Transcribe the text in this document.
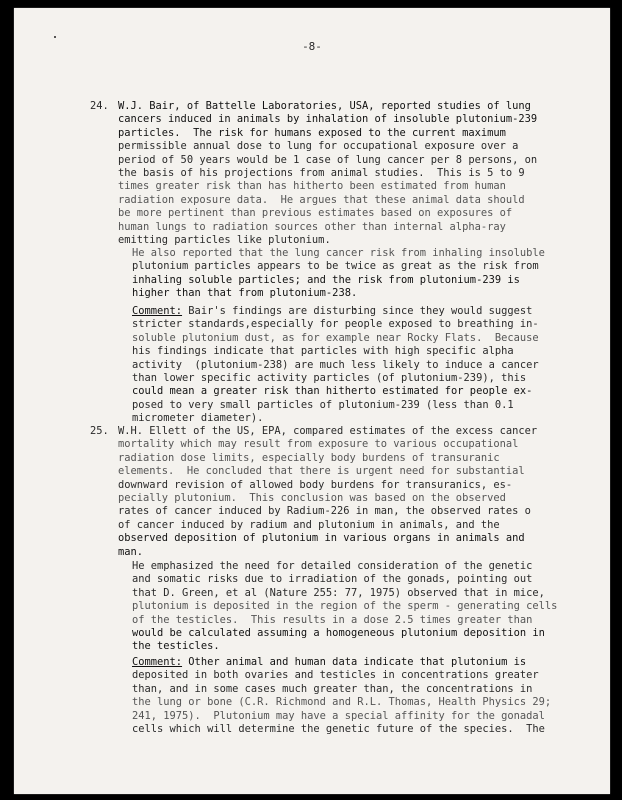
-8-
24. W.J. Bair, of Battelle Laboratories, USA, reported studies of lung
cancers induced in animals by inhalation of insoluble plutonium-239
particles.  The risk for humans exposed to the current maximum
permissible annual dose to lung for occupational exposure over a
period of 50 years would be 1 case of lung cancer per 8 persons, on
the basis of his projections from animal studies.  This is 5 to 9
times greater risk than has hitherto been estimated from human
radiation exposure data.  He argues that these animal data should
be more pertinent than previous estimates based on exposures of
human lungs to radiation sources other than internal alpha-ray
emitting particles like plutonium.
He also reported that the lung cancer risk from inhaling insoluble
plutonium particles appears to be twice as great as the risk from
inhaling soluble particles; and the risk from plutonium-239 is
higher than that from plutonium-238.
Comment: Bair's findings are disturbing since they would suggest
stricter standards,especially for people exposed to breathing in-
soluble plutonium dust, as for example near Rocky Flats.  Because
his findings indicate that particles with high specific alpha
activity  (plutonium-238) are much less likely to induce a cancer
than lower specific activity particles (of plutonium-239), this
could mean a greater risk than hitherto estimated for people ex-
posed to very small particles of plutonium-239 (less than 0.1
micrometer diameter).
25. W.H. Ellett of the US, EPA, compared estimates of the excess cancer
mortality which may result from exposure to various occupational
radiation dose limits, especially body burdens of transuranic
elements.  He concluded that there is urgent need for substantial
downward revision of allowed body burdens for transuranics, es-
pecially plutonium.  This conclusion was based on the observed
rates of cancer induced by Radium-226 in man, the observed rates o
of cancer induced by radium and plutonium in animals, and the
observed deposition of plutonium in various organs in animals and
man.
He emphasized the need for detailed consideration of the genetic
and somatic risks due to irradiation of the gonads, pointing out
that D. Green, et al (Nature 255: 77, 1975) observed that in mice,
plutonium is deposited in the region of the sperm - generating cells
of the testicles.  This results in a dose 2.5 times greater than
would be calculated assuming a homogeneous plutonium deposition in
the testicles.
Comment: Other animal and human data indicate that plutonium is
deposited in both ovaries and testicles in concentrations greater
than, and in some cases much greater than, the concentrations in
the lung or bone (C.R. Richmond and R.L. Thomas, Health Physics 29;
241, 1975).  Plutonium may have a special affinity for the gonadal
cells which will determine the genetic future of the species.  The
